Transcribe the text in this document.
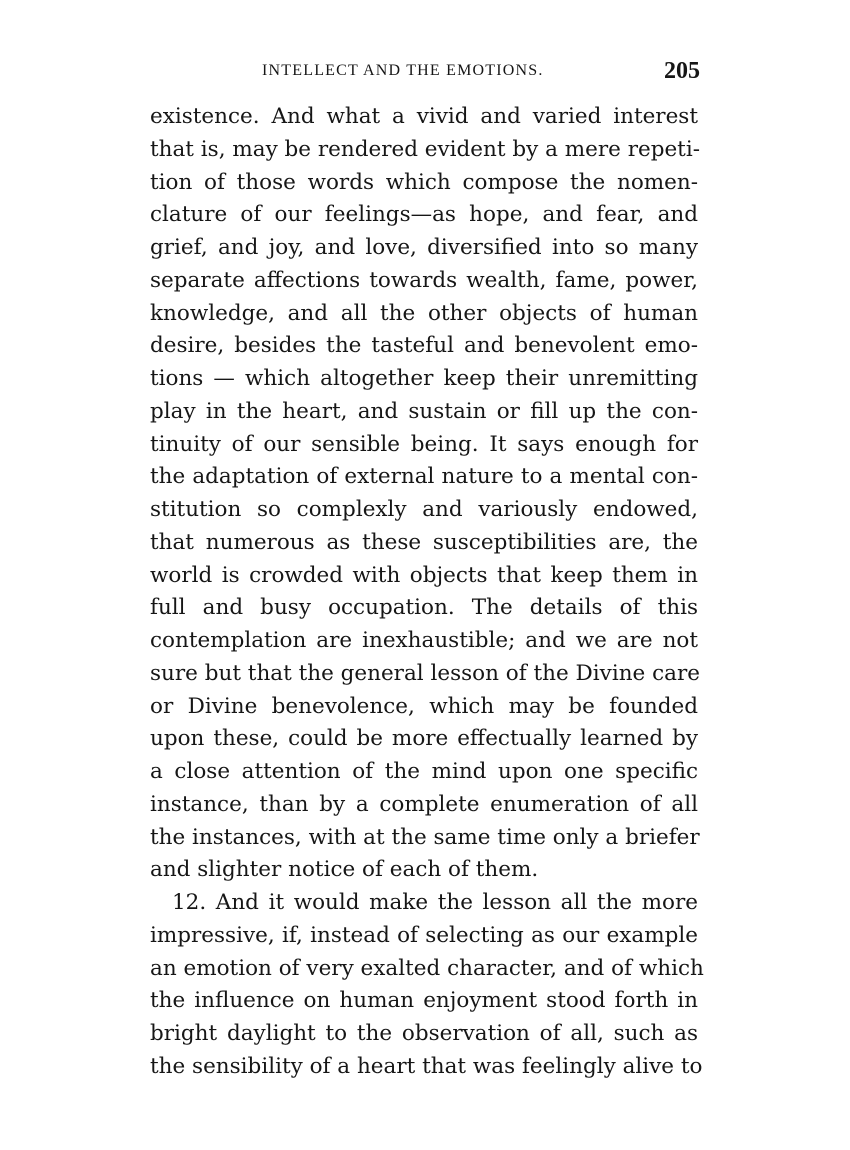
INTELLECT AND THE EMOTIONS.	205
existence. And what a vivid and varied interest
that is, may be rendered evident by a mere repeti-
tion of those words which compose the nomen-
clature of our feelings—as hope, and fear, and
grief, and joy, and love, diversified into so many
separate affections towards wealth, fame, power,
knowledge, and all the other objects of human
desire, besides the tasteful and benevolent emo-
tions — which altogether keep their unremitting
play in the heart, and sustain or fill up the con-
tinuity of our sensible being. It says enough for
the adaptation of external nature to a mental con-
stitution so complexly and variously endowed,
that numerous as these susceptibilities are, the
world is crowded with objects that keep them in
full and busy occupation. The details of this
contemplation are inexhaustible; and we are not
sure but that the general lesson of the Divine care
or Divine benevolence, which may be founded
upon these, could be more effectually learned by
a close attention of the mind upon one specific
instance, than by a complete enumeration of all
the instances, with at the same time only a briefer
and slighter notice of each of them.
12. And it would make the lesson all the more
impressive, if, instead of selecting as our example
an emotion of very exalted character, and of which
the influence on human enjoyment stood forth in
bright daylight to the observation of all, such as
the sensibility of a heart that was feelingly alive to
